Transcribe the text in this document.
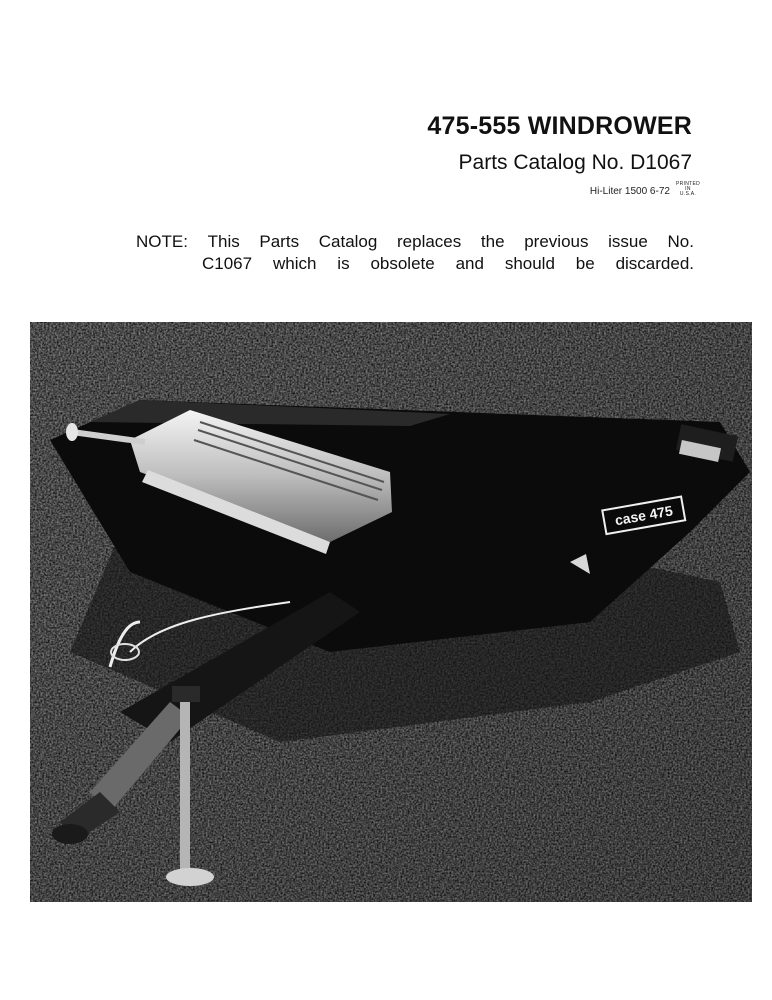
475-555 WINDROWER
Parts Catalog No. D1067
Hi-Liter 1500 6-72
PRINTED
IN
U.S.A.
NOTE: This Parts Catalog replaces the previous issue No.
C1067 which is obsolete and should be discarded.
case 475
